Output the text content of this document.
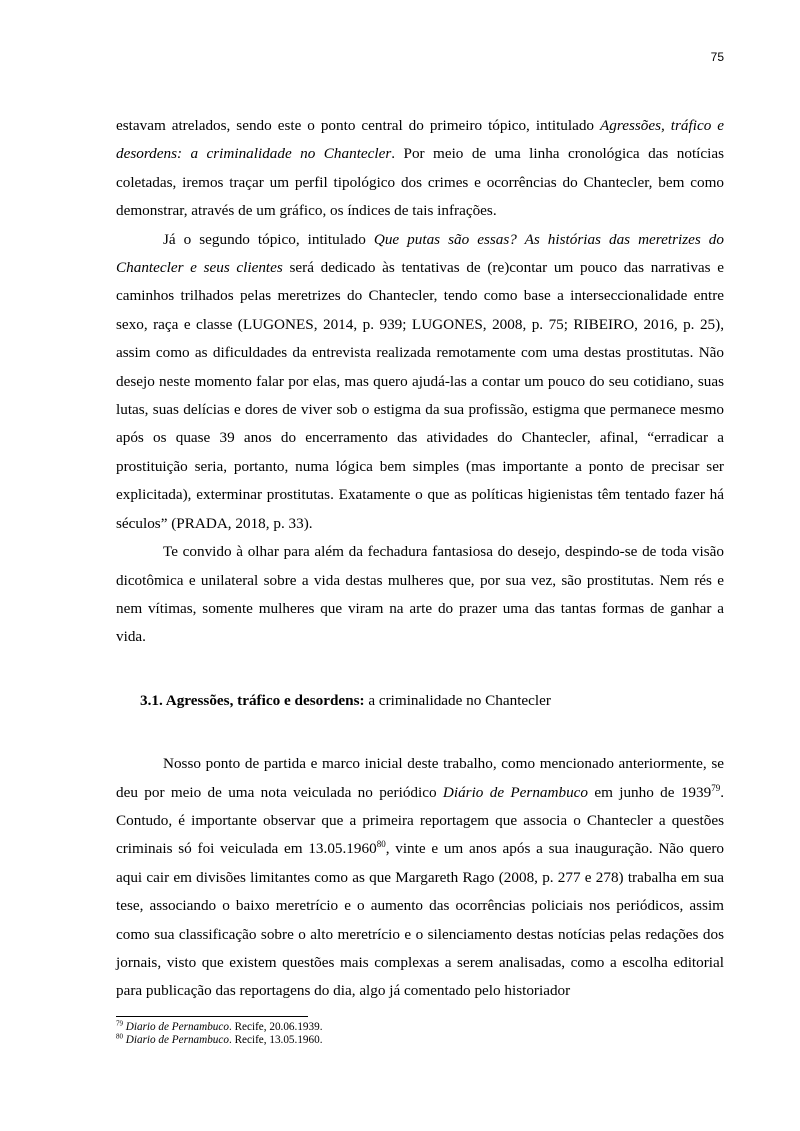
75

estavam atrelados, sendo este o ponto central do primeiro tópico, intitulado Agressões, tráfico e desordens: a criminalidade no Chantecler. Por meio de uma linha cronológica das notícias coletadas, iremos traçar um perfil tipológico dos crimes e ocorrências do Chantecler, bem como demonstrar, através de um gráfico, os índices de tais infrações.

Já o segundo tópico, intitulado Que putas são essas? As histórias das meretrizes do Chantecler e seus clientes será dedicado às tentativas de (re)contar um pouco das narrativas e caminhos trilhados pelas meretrizes do Chantecler, tendo como base a interseccionalidade entre sexo, raça e classe (LUGONES, 2014, p. 939; LUGONES, 2008, p. 75; RIBEIRO, 2016, p. 25), assim como as dificuldades da entrevista realizada remotamente com uma destas prostitutas. Não desejo neste momento falar por elas, mas quero ajudá-las a contar um pouco do seu cotidiano, suas lutas, suas delícias e dores de viver sob o estigma da sua profissão, estigma que permanece mesmo após os quase 39 anos do encerramento das atividades do Chantecler, afinal, “erradicar a prostituição seria, portanto, numa lógica bem simples (mas importante a ponto de precisar ser explicitada), exterminar prostitutas. Exatamente o que as políticas higienistas têm tentado fazer há séculos” (PRADA, 2018, p. 33).

Te convido à olhar para além da fechadura fantasiosa do desejo, despindo-se de toda visão dicotômica e unilateral sobre a vida destas mulheres que, por sua vez, são prostitutas. Nem rés e nem vítimas, somente mulheres que viram na arte do prazer uma das tantas formas de ganhar a vida.

3.1. Agressões, tráfico e desordens: a criminalidade no Chantecler

Nosso ponto de partida e marco inicial deste trabalho, como mencionado anteriormente, se deu por meio de uma nota veiculada no periódico Diário de Pernambuco em junho de 1939$^{79}$. Contudo, é importante observar que a primeira reportagem que associa o Chantecler a questões criminais só foi veiculada em 13.05.1960$^{80}$, vinte e um anos após a sua inauguração. Não quero aqui cair em divisões limitantes como as que Margareth Rago (2008, p. 277 e 278) trabalha em sua tese, associando o baixo meretrício e o aumento das ocorrências policiais nos periódicos, assim como sua classificação sobre o alto meretrício e o silenciamento destas notícias pelas redações dos jornais, visto que existem questões mais complexas a serem analisadas, como a escolha editorial para publicação das reportagens do dia, algo já comentado pelo historiador

$^{79}$ Diario de Pernambuco. Recife, 20.06.1939.

$^{80}$ Diario de Pernambuco. Recife, 13.05.1960.
